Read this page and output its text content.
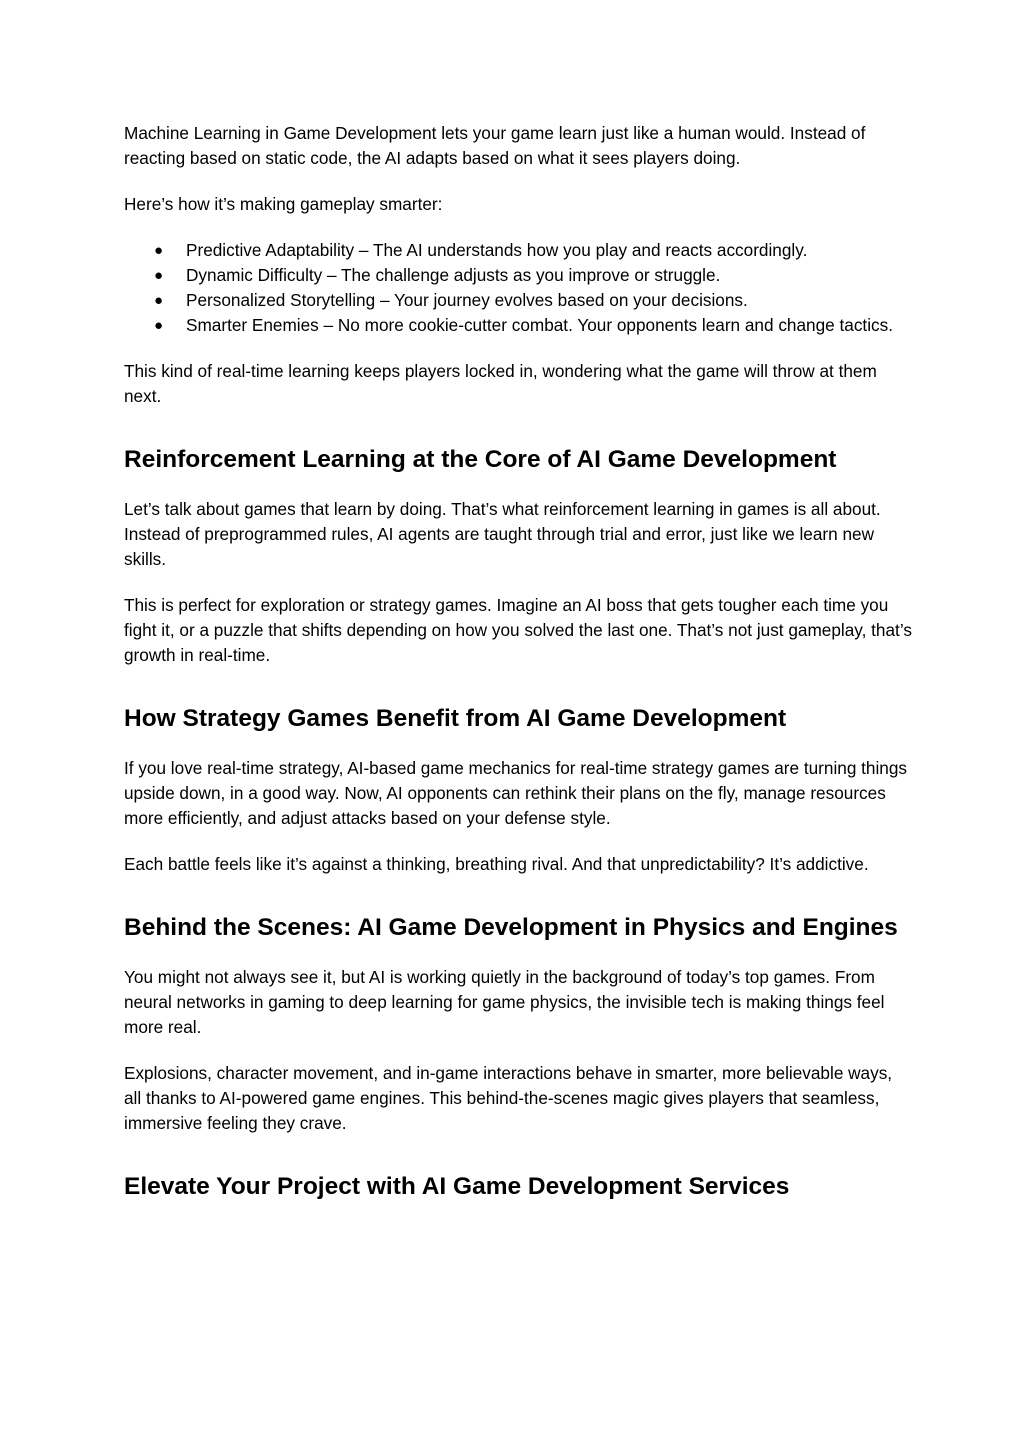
Machine Learning in Game Development lets your game learn just like a human would. Instead of reacting based on static code, the AI adapts based on what it sees players doing.

Here’s how it’s making gameplay smarter:

● Predictive Adaptability – The AI understands how you play and reacts accordingly.
● Dynamic Difficulty – The challenge adjusts as you improve or struggle.
● Personalized Storytelling – Your journey evolves based on your decisions.
● Smarter Enemies – No more cookie-cutter combat. Your opponents learn and change tactics.

This kind of real-time learning keeps players locked in, wondering what the game will throw at them next.

Reinforcement Learning at the Core of AI Game Development

Let’s talk about games that learn by doing. That’s what reinforcement learning in games is all about. Instead of preprogrammed rules, AI agents are taught through trial and error, just like we learn new skills.

This is perfect for exploration or strategy games. Imagine an AI boss that gets tougher each time you fight it, or a puzzle that shifts depending on how you solved the last one. That’s not just gameplay, that’s growth in real-time.

How Strategy Games Benefit from AI Game Development

If you love real-time strategy, AI-based game mechanics for real-time strategy games are turning things upside down, in a good way. Now, AI opponents can rethink their plans on the fly, manage resources more efficiently, and adjust attacks based on your defense style.

Each battle feels like it’s against a thinking, breathing rival. And that unpredictability? It’s addictive.

Behind the Scenes: AI Game Development in Physics and Engines

You might not always see it, but AI is working quietly in the background of today’s top games. From neural networks in gaming to deep learning for game physics, the invisible tech is making things feel more real.

Explosions, character movement, and in-game interactions behave in smarter, more believable ways, all thanks to AI-powered game engines. This behind-the-scenes magic gives players that seamless, immersive feeling they crave.

Elevate Your Project with AI Game Development Services
